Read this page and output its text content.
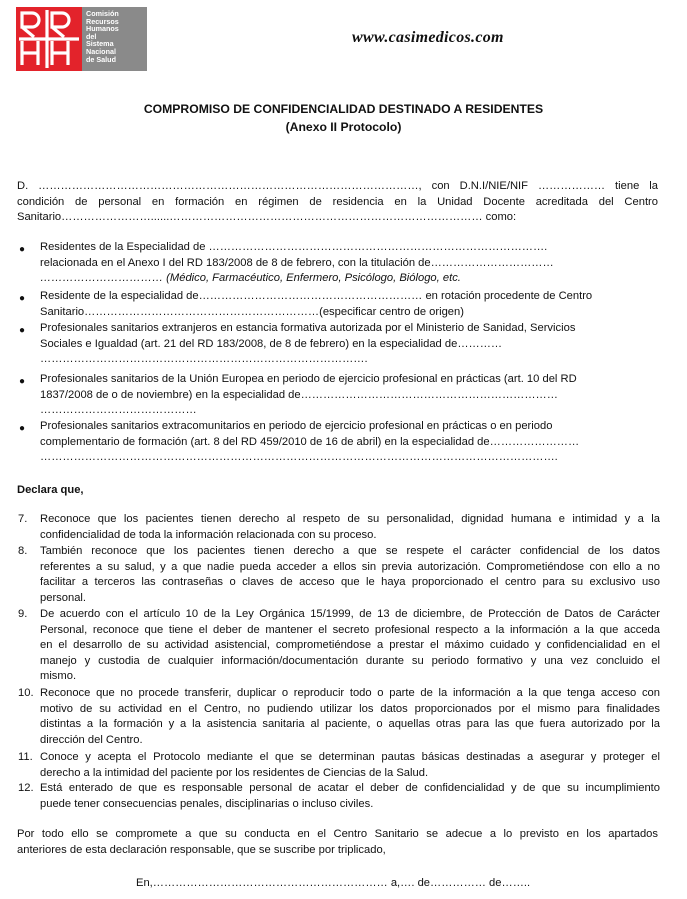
Comisión
Recursos
Humanos
del
Sistema
Nacional
de Salud
www.casimedicos.com
COMPROMISO DE CONFIDENCIALIDAD DESTINADO A RESIDENTES
(Anexo II Protocolo)
D. …………………………………………………………………………………………, con D.N.I/NIE/NIF ……………… tiene la
condición de personal en formación en régimen de residencia en la Unidad Docente acreditada del Centro
Sanitario……………………......………………………………………………………………………… como:
● Residentes de la Especialidad de ……………………………………………………………………………….
relacionada en el Anexo I del RD 183/2008 de 8 de febrero, con la titulación de……………………………
…………………………… (Médico, Farmacéutico, Enfermero, Psicólogo, Biólogo, etc.
● Residente de la especialidad de…………………………………………………… en rotación procedente de Centro
Sanitario………………………………………………………(especificar centro de origen)
● Profesionales sanitarios extranjeros en estancia formativa autorizada por el Ministerio de Sanidad, Servicios
Sociales e Igualdad (art. 21 del RD 183/2008, de 8 de febrero) en la especialidad de…………
…………………………………………………………………………….
● Profesionales sanitarios de la Unión Europea en periodo de ejercicio profesional en prácticas (art. 10 del RD
1837/2008 de o de noviembre) en la especialidad de……………………………………………………………
……………………………………
● Profesionales sanitarios extracomunitarios en periodo de ejercicio profesional en prácticas o en periodo
complementario de formación (art. 8 del RD 459/2010 de 16 de abril) en la especialidad de……………………
………………………………………………………………………………………………………………………….
Declara que,
7. Reconoce que los pacientes tienen derecho al respeto de su personalidad, dignidad humana e intimidad y a la
confidencialidad de toda la información relacionada con su proceso.
8. También reconoce que los pacientes tienen derecho a que se respete el carácter confidencial de los datos
referentes a su salud, y a que nadie pueda acceder a ellos sin previa autorización. Comprometiéndose con ello a no
facilitar a terceros las contraseñas o claves de acceso que le haya proporcionado el centro para su exclusivo uso
personal.
9. De acuerdo con el artículo 10 de la Ley Orgánica 15/1999, de 13 de diciembre, de Protección de Datos de Carácter
Personal, reconoce que tiene el deber de mantener el secreto profesional respecto a la información a la que acceda
en el desarrollo de su actividad asistencial, comprometiéndose a prestar el máximo cuidado y confidencialidad en el
manejo y custodia de cualquier información/documentación durante su periodo formativo y una vez concluido el
mismo.
10. Reconoce que no procede transferir, duplicar o reproducir todo o parte de la información a la que tenga acceso con
motivo de su actividad en el Centro, no pudiendo utilizar los datos proporcionados por el mismo para finalidades
distintas a la formación y a la asistencia sanitaria al paciente, o aquellas otras para las que fuera autorizado por la
dirección del Centro.
11. Conoce y acepta el Protocolo mediante el que se determinan pautas básicas destinadas a asegurar y proteger el
derecho a la intimidad del paciente por los residentes de Ciencias de la Salud.
12. Está enterado de que es responsable personal de acatar el deber de confidencialidad y de que su incumplimiento
puede tener consecuencias penales, disciplinarias o incluso civiles.
Por todo ello se compromete a que su conducta en el Centro Sanitario se adecue a lo previsto en los apartados
anteriores de esta declaración responsable, que se suscribe por triplicado,
En,……………………………………………………… a,…. de…………… de……..
